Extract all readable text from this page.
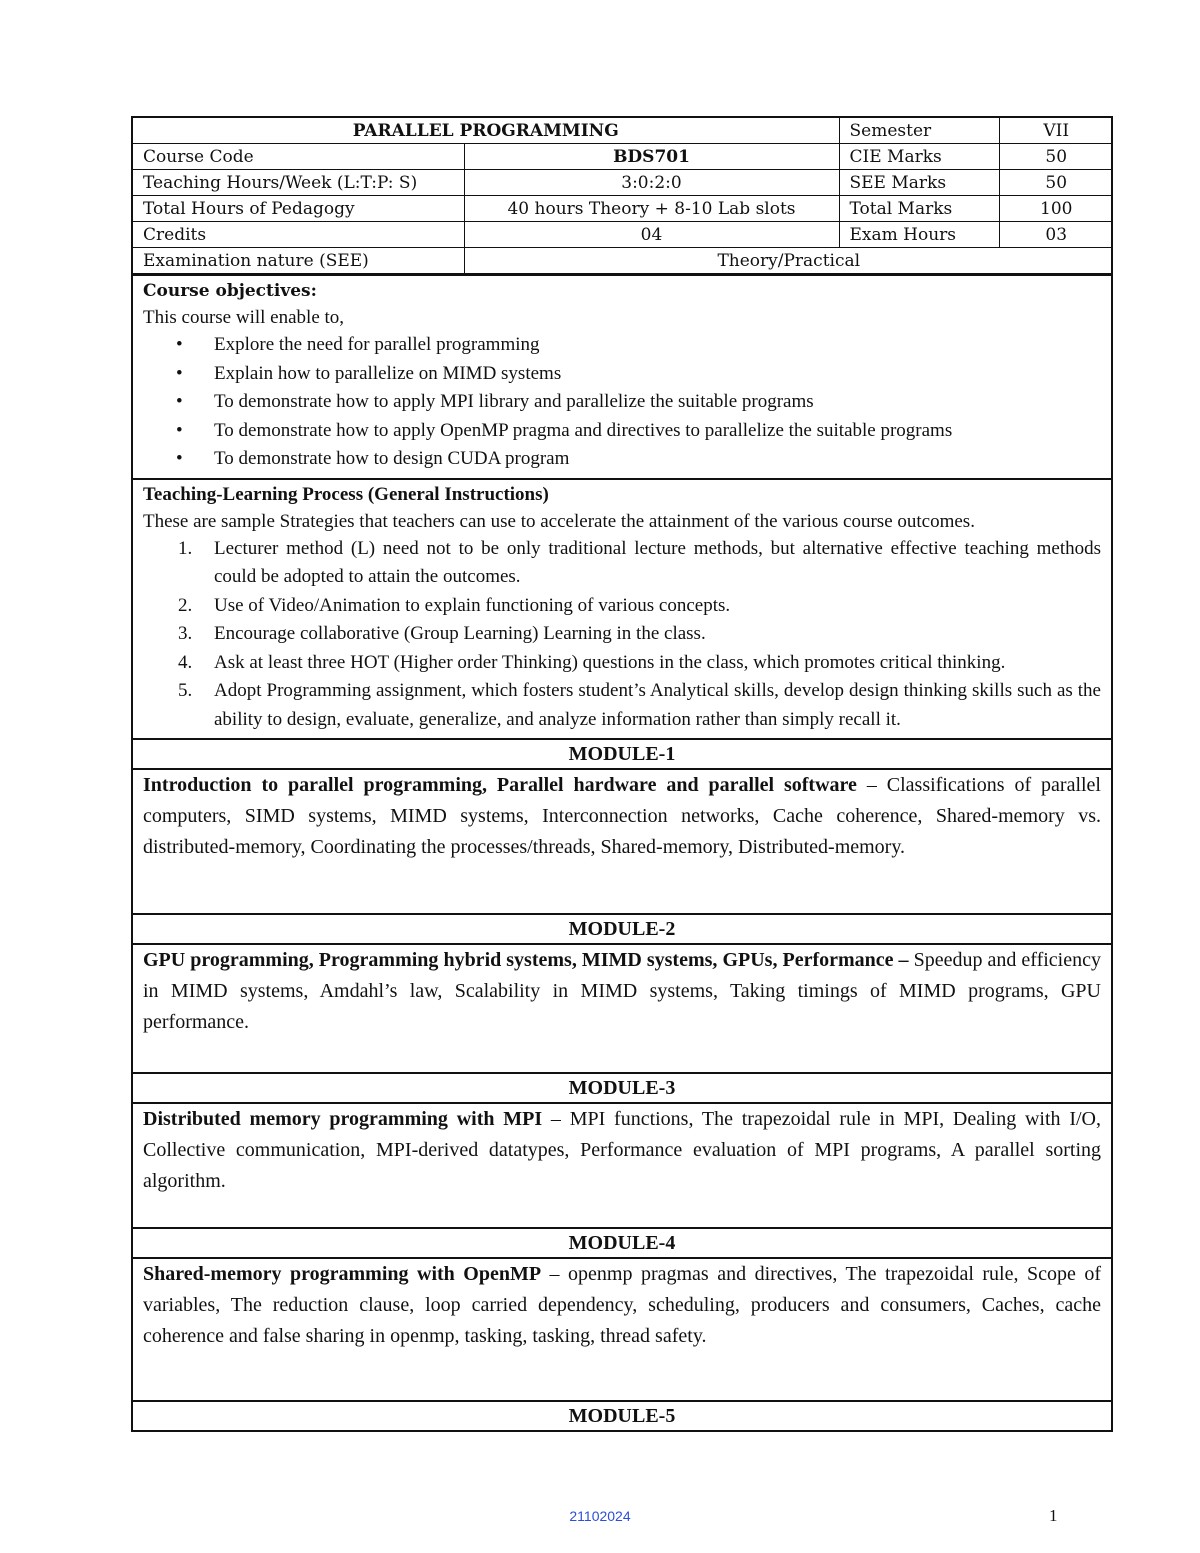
PARALLEL PROGRAMMING		Semester	VII
Course Code	BDS701	CIE Marks	50
Teaching Hours/Week (L:T:P: S)	3:0:2:0	SEE Marks	50
Total Hours of Pedagogy	40 hours Theory + 8-10 Lab slots	Total Marks	100
Credits	04	Exam Hours	03
Examination nature (SEE)	Theory/Practical		
Course objectives:
This course will enable to,
• Explore the need for parallel programming
• Explain how to parallelize on MIMD systems
• To demonstrate how to apply MPI library and parallelize the suitable programs
• To demonstrate how to apply OpenMP pragma and directives to parallelize the suitable programs
• To demonstrate how to design CUDA program
Teaching-Learning Process (General Instructions)
These are sample Strategies that teachers can use to accelerate the attainment of the various course outcomes.
Lecturer method (L) need not to be only traditional lecture methods, but alternative effective teaching methods could be adopted to attain the outcomes.
Use of Video/Animation to explain functioning of various concepts.
Encourage collaborative (Group Learning) Learning in the class.
Ask at least three HOT (Higher order Thinking) questions in the class, which promotes critical thinking.
Adopt Programming assignment, which fosters student’s Analytical skills, develop design thinking skills such as the ability to design, evaluate, generalize, and analyze information rather than simply recall it.
MODULE-1
Introduction to parallel programming, Parallel hardware and parallel software – Classifications of parallel computers, SIMD systems, MIMD systems, Interconnection networks, Cache coherence, Shared-memory vs. distributed-memory, Coordinating the processes/threads, Shared-memory, Distributed-memory.
MODULE-2
GPU programming, Programming hybrid systems, MIMD systems, GPUs, Performance – Speedup and efficiency in MIMD systems, Amdahl’s law, Scalability in MIMD systems, Taking timings of MIMD programs, GPU performance.
MODULE-3
Distributed memory programming with MPI – MPI functions, The trapezoidal rule in MPI, Dealing with I/O, Collective communication, MPI-derived datatypes, Performance evaluation of MPI programs, A parallel sorting algorithm.
MODULE-4
Shared-memory programming with OpenMP – openmp pragmas and directives, The trapezoidal rule, Scope of variables, The reduction clause, loop carried dependency, scheduling, producers and consumers, Caches, cache coherence and false sharing in openmp, tasking, tasking, thread safety.
MODULE-5
21102024	1
